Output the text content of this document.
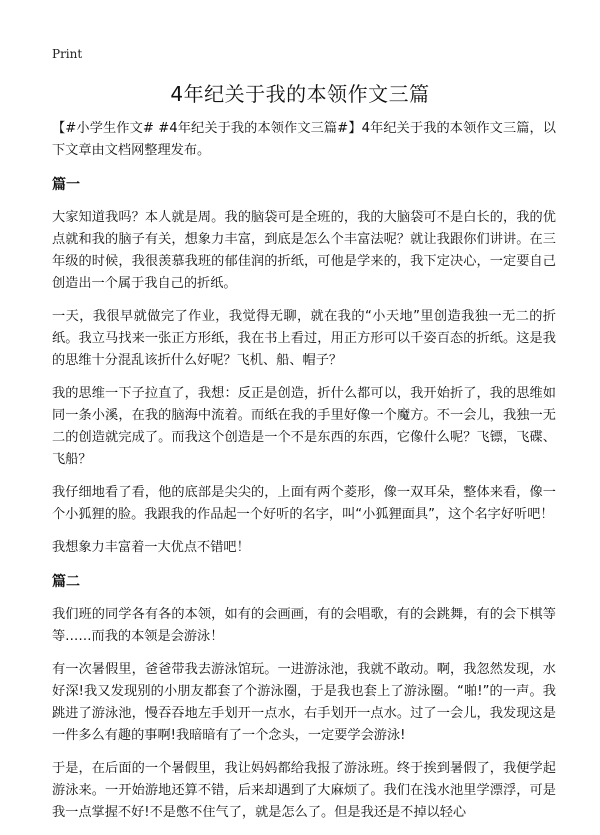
Print
4年纪关于我的本领作文三篇

【#小学生作文# #4年纪关于我的本领作文三篇#】4年纪关于我的本领作文三篇，以下文章由文档网整理发布。

篇一

大家知道我吗？本人就是周。我的脑袋可是全班的，我的大脑袋可不是白长的，我的优点就和我的脑子有关，想象力丰富，到底是怎么个丰富法呢？就让我跟你们讲讲。在三年级的时候，我很羡慕我班的郁佳润的折纸，可他是学来的，我下定决心，一定要自己创造出一个属于我自己的折纸。

一天，我很早就做完了作业，我觉得无聊，就在我的“小天地”里创造我独一无二的折纸。我立马找来一张正方形纸，我在书上看过，用正方形可以千姿百态的折纸。这是我的思维十分混乱该折什么好呢？飞机、船、帽子？

我的思维一下子拉直了，我想：反正是创造，折什么都可以，我开始折了，我的思维如同一条小溪，在我的脑海中流着。而纸在我的手里好像一个魔方。不一会儿，我独一无二的创造就完成了。而我这个创造是一个不是东西的东西，它像什么呢？飞镖，飞碟、飞船？

我仔细地看了看，他的底部是尖尖的，上面有两个菱形，像一双耳朵，整体来看，像一个小狐狸的脸。我跟我的作品起一个好听的名字，叫“小狐狸面具”，这个名字好听吧！

我想象力丰富着一大优点不错吧！

篇二

我们班的同学各有各的本领，如有的会画画，有的会唱歌，有的会跳舞，有的会下棋等等……而我的本领是会游泳！

有一次暑假里，爸爸带我去游泳馆玩。一进游泳池，我就不敢动。啊，我忽然发现，水好深!我又发现别的小朋友都套了个游泳圈，于是我也套上了游泳圈。“啪!”的一声。我跳进了游泳池，慢吞吞地左手划开一点水，右手划开一点水。过了一会儿，我发现这是一件多么有趣的事啊!我暗暗有了一个念头，一定要学会游泳!

于是，在后面的一个暑假里，我让妈妈都给我报了游泳班。终于挨到暑假了，我便学起游泳来。一开始游地还算不错，后来却遇到了大麻烦了。我们在浅水池里学漂浮，可是我一点掌握不好!不是憋不住气了，就是怎么了。但是我还是不掉以轻心
